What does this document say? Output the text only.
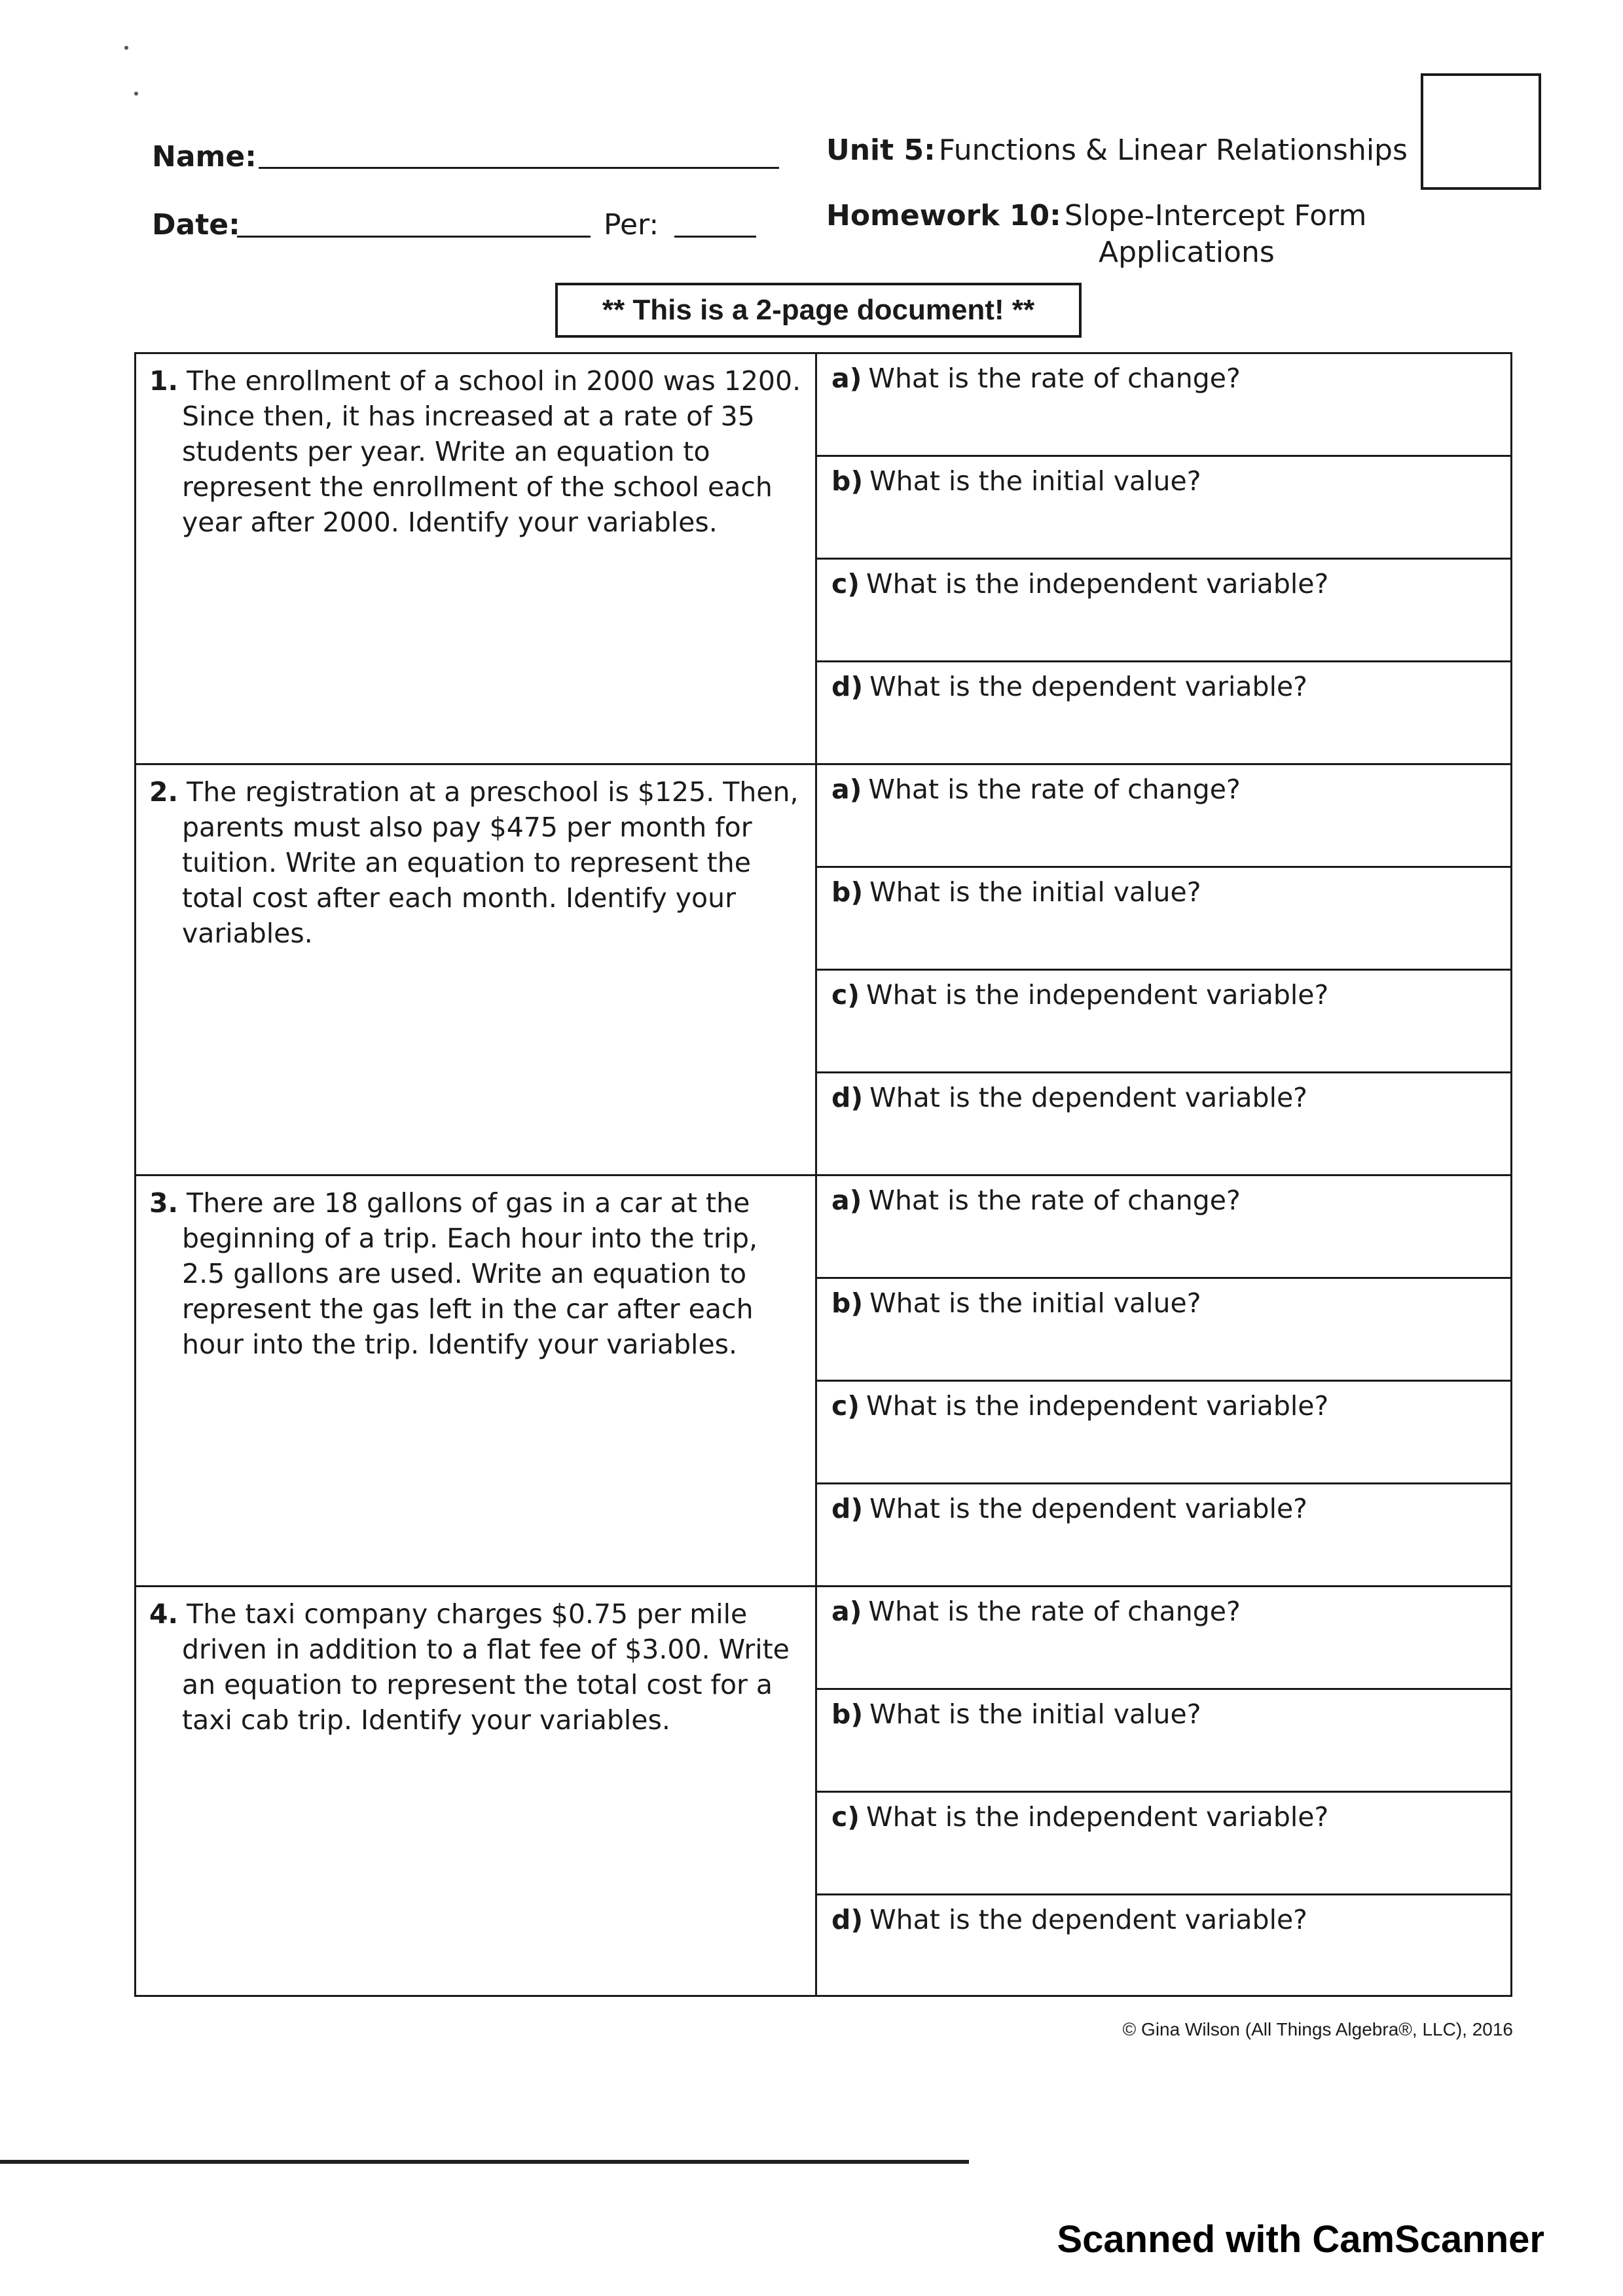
Name:
Date:	Per:
Unit 5: Functions & Linear Relationships
Homework 10: Slope-Intercept Form
Applications
** This is a 2-page document! **
1. The enrollment of a school in 2000 was 1200. Since then, it has increased at a rate of 35 students per year. Write an equation to represent the enrollment of the school each year after 2000. Identify your variables.
a) What is the rate of change?
b) What is the initial value?
c) What is the independent variable?
d) What is the dependent variable?
2. The registration at a preschool is $125. Then, parents must also pay $475 per month for tuition. Write an equation to represent the total cost after each month. Identify your variables.
a) What is the rate of change?
b) What is the initial value?
c) What is the independent variable?
d) What is the dependent variable?
3. There are 18 gallons of gas in a car at the beginning of a trip. Each hour into the trip, 2.5 gallons are used. Write an equation to represent the gas left in the car after each hour into the trip. Identify your variables.
a) What is the rate of change?
b) What is the initial value?
c) What is the independent variable?
d) What is the dependent variable?
4. The taxi company charges $0.75 per mile driven in addition to a flat fee of $3.00. Write an equation to represent the total cost for a taxi cab trip. Identify your variables.
a) What is the rate of change?
b) What is the initial value?
c) What is the independent variable?
d) What is the dependent variable?
© Gina Wilson (All Things Algebra®, LLC), 2016
Scanned with CamScanner
